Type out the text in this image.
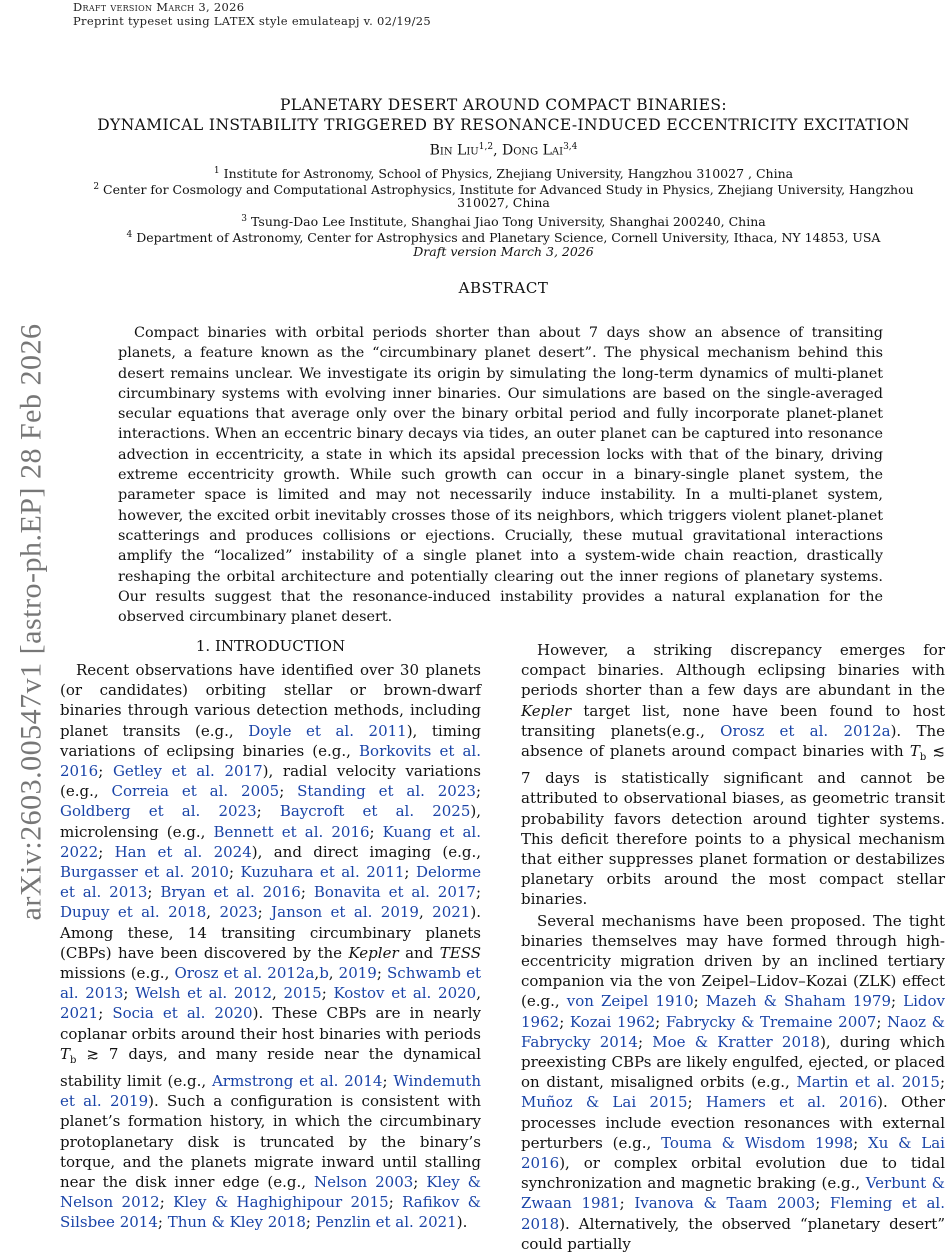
Draft version March 3, 2026
Preprint typeset using LATEX style emulateapj v. 02/19/25
arXiv:2603.00547v1 [astro-ph.EP] 28 Feb 2026
PLANETARY DESERT AROUND COMPACT BINARIES:
DYNAMICAL INSTABILITY TRIGGERED BY RESONANCE-INDUCED ECCENTRICITY EXCITATION
Bin Liu$^{1,2}$, Dong Lai$^{3,4}$
$^1$ Institute for Astronomy, School of Physics, Zhejiang University, Hangzhou 310027 , China
$^2$ Center for Cosmology and Computational Astrophysics, Institute for Advanced Study in Physics, Zhejiang University, Hangzhou
310027, China
$^3$ Tsung-Dao Lee Institute, Shanghai Jiao Tong University, Shanghai 200240, China
$^4$ Department of Astronomy, Center for Astrophysics and Planetary Science, Cornell University, Ithaca, NY 14853, USA
Draft version March 3, 2026
ABSTRACT
Compact binaries with orbital periods shorter than about 7 days show an absence of transiting planets, a feature known as the “circumbinary planet desert”. The physical mechanism behind this desert remains unclear. We investigate its origin by simulating the long-term dynamics of multi-planet circumbinary systems with evolving inner binaries. Our simulations are based on the single-averaged secular equations that average only over the binary orbital period and fully incorporate planet-planet interactions. When an eccentric binary decays via tides, an outer planet can be captured into resonance advection in eccentricity, a state in which its apsidal precession locks with that of the binary, driving extreme eccentricity growth. While such growth can occur in a binary-single planet system, the parameter space is limited and may not necessarily induce instability. In a multi-planet system, however, the excited orbit inevitably crosses those of its neighbors, which triggers violent planet-planet scatterings and produces collisions or ejections. Crucially, these mutual gravitational interactions amplify the “localized” instability of a single planet into a system-wide chain reaction, drastically reshaping the orbital architecture and potentially clearing out the inner regions of planetary systems. Our results suggest that the resonance-induced instability provides a natural explanation for the observed circumbinary planet desert.
1. INTRODUCTION

Recent observations have identified over 30 planets (or candidates) orbiting stellar or brown-dwarf binaries through various detection methods, including planet transits (e.g., Doyle et al. 2011), timing variations of eclipsing binaries (e.g., Borkovits et al. 2016; Getley et al. 2017), radial velocity variations (e.g., Correia et al. 2005; Standing et al. 2023; Goldberg et al. 2023; Baycroft et al. 2025), microlensing (e.g., Bennett et al. 2016; Kuang et al. 2022; Han et al. 2024), and direct imaging (e.g., Burgasser et al. 2010; Kuzuhara et al. 2011; Delorme et al. 2013; Bryan et al. 2016; Bonavita et al. 2017; Dupuy et al. 2018, 2023; Janson et al. 2019, 2021). Among these, 14 transiting circumbinary planets (CBPs) have been discovered by the Kepler and TESS missions (e.g., Orosz et al. 2012a,b, 2019; Schwamb et al. 2013; Welsh et al. 2012, 2015; Kostov et al. 2020, 2021; Socia et al. 2020). These CBPs are in nearly coplanar orbits around their host binaries with periods $T_b$ ≳ 7 days, and many reside near the dynamical stability limit (e.g., Armstrong et al. 2014; Windemuth et al. 2019). Such a configuration is consistent with planet’s formation history, in which the circumbinary protoplanetary disk is truncated by the binary’s torque, and the planets migrate inward until stalling near the disk inner edge (e.g., Nelson 2003; Kley & Nelson 2012; Kley & Haghighipour 2015; Rafikov & Silsbee 2014; Thun & Kley 2018; Penzlin et al. 2021).

However, a striking discrepancy emerges for compact binaries. Although eclipsing binaries with periods shorter than a few days are abundant in the Kepler target list, none have been found to host transiting planets(e.g., Orosz et al. 2012a). The absence of planets around compact binaries with $T_b$ ≲ 7 days is statistically significant and cannot be attributed to observational biases, as geometric transit probability favors detection around tighter systems. This deficit therefore points to a physical mechanism that either suppresses planet formation or destabilizes planetary orbits around the most compact stellar binaries.

Several mechanisms have been proposed. The tight binaries themselves may have formed through high-eccentricity migration driven by an inclined tertiary companion via the von Zeipel–Lidov–Kozai (ZLK) effect (e.g., von Zeipel 1910; Mazeh & Shaham 1979; Lidov 1962; Kozai 1962; Fabrycky & Tremaine 2007; Naoz & Fabrycky 2014; Moe & Kratter 2018), during which preexisting CBPs are likely engulfed, ejected, or placed on distant, misaligned orbits (e.g., Martin et al. 2015; Muñoz & Lai 2015; Hamers et al. 2016). Other processes include evection resonances with external perturbers (e.g., Touma & Wisdom 1998; Xu & Lai 2016), or complex orbital evolution due to tidal synchronization and magnetic braking (e.g., Verbunt & Zwaan 1981; Ivanova & Taam 2003; Fleming et al. 2018). Alternatively, the observed “planetary desert” could partially
